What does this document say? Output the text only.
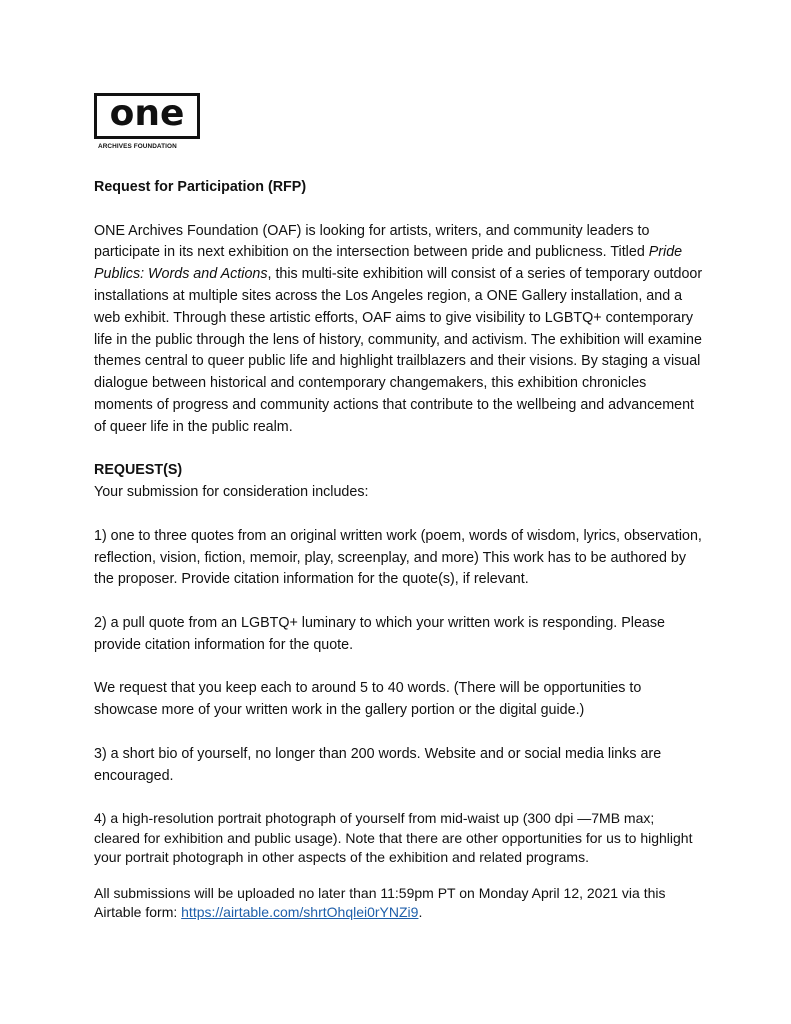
one
ARCHIVES FOUNDATION

Request for Participation (RFP)

ONE Archives Foundation (OAF) is looking for artists, writers, and community leaders to participate in its next exhibition on the intersection between pride and publicness. Titled Pride Publics: Words and Actions, this multi-site exhibition will consist of a series of temporary outdoor installations at multiple sites across the Los Angeles region, a ONE Gallery installation, and a web exhibit. Through these artistic efforts, OAF aims to give visibility to LGBTQ+ contemporary life in the public through the lens of history, community, and activism. The exhibition will examine themes central to queer public life and highlight trailblazers and their visions. By staging a visual dialogue between historical and contemporary changemakers, this exhibition chronicles moments of progress and community actions that contribute to the wellbeing and advancement of queer life in the public realm.

REQUEST(S)

Your submission for consideration includes:

1) one to three quotes from an original written work (poem, words of wisdom, lyrics, observation, reflection, vision, fiction, memoir, play, screenplay, and more) This work has to be authored by the proposer. Provide citation information for the quote(s), if relevant.

2) a pull quote from an LGBTQ+ luminary to which your written work is responding. Please provide citation information for the quote.

We request that you keep each to around 5 to 40 words. (There will be opportunities to showcase more of your written work in the gallery portion or the digital guide.)

3) a short bio of yourself, no longer than 200 words. Website and or social media links are encouraged.

4) a high-resolution portrait photograph of yourself from mid-waist up (300 dpi —7MB max; cleared for exhibition and public usage). Note that there are other opportunities for us to highlight your portrait photograph in other aspects of the exhibition and related programs.

All submissions will be uploaded no later than 11:59pm PT on Monday April 12, 2021 via this Airtable form: https://airtable.com/shrtOhqlei0rYNZi9.
